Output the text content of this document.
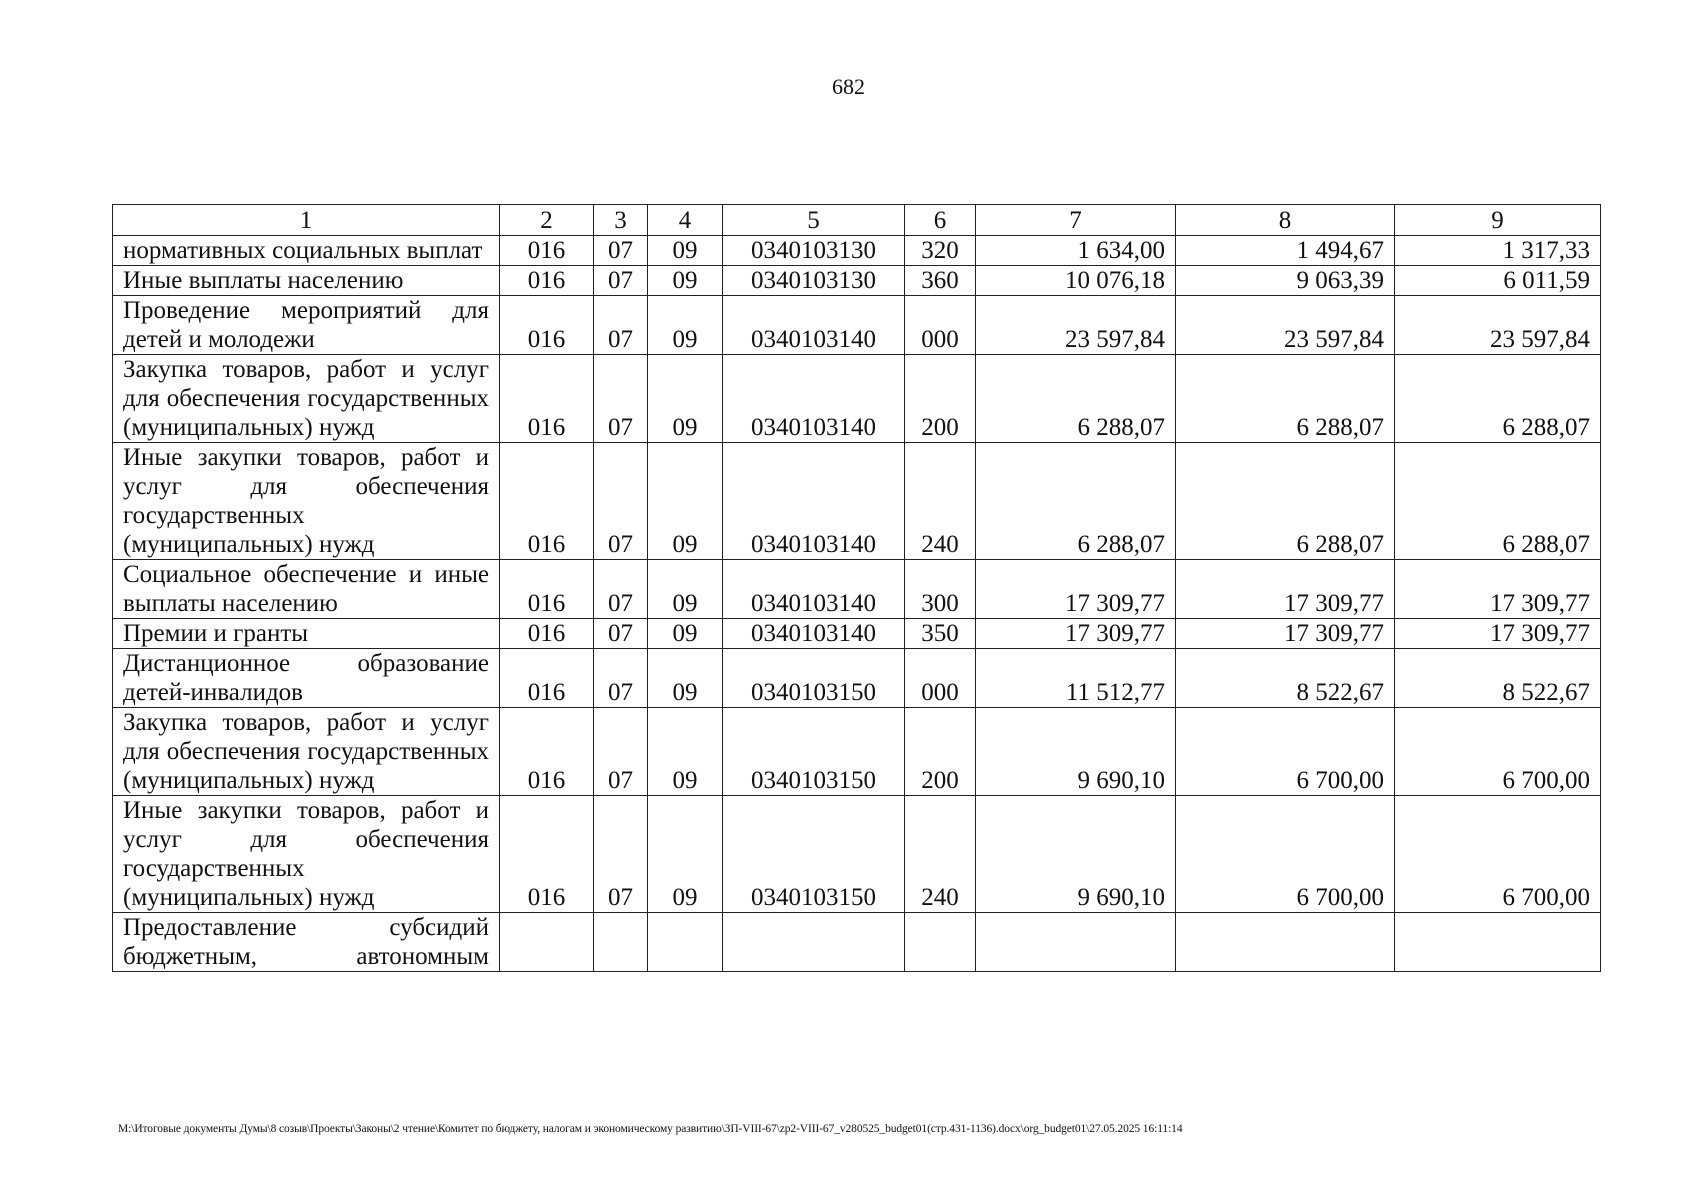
682
1	2	3	4	5	6	7	8	9
нормативных социальных выплат	016	07	09	0340103130	320	1 634,00	1 494,67	1 317,33
Иные выплаты населению	016	07	09	0340103130	360	10 076,18	9 063,39	6 011,59
Проведение мероприятий для детей и молодежи	016	07	09	0340103140	000	23 597,84	23 597,84	23 597,84
Закупка товаров, работ и услуг для обеспечения государственных (муниципальных) нужд	016	07	09	0340103140	200	6 288,07	6 288,07	6 288,07
Иные закупки товаров, работ и услуг для обеспечения государственных (муниципальных) нужд	016	07	09	0340103140	240	6 288,07	6 288,07	6 288,07
Социальное обеспечение и иные выплаты населению	016	07	09	0340103140	300	17 309,77	17 309,77	17 309,77
Премии и гранты	016	07	09	0340103140	350	17 309,77	17 309,77	17 309,77
Дистанционное образование детей-инвалидов	016	07	09	0340103150	000	11 512,77	8 522,67	8 522,67
Закупка товаров, работ и услуг для обеспечения государственных (муниципальных) нужд	016	07	09	0340103150	200	9 690,10	6 700,00	6 700,00
Иные закупки товаров, работ и услуг для обеспечения государственных (муниципальных) нужд	016	07	09	0340103150	240	9 690,10	6 700,00	6 700,00
Предоставление субсидий бюджетным, автономным								
M:\Итоговые документы Думы\8 созыв\Проекты\Законы\2 чтение\Комитет по бюджету, налогам и экономическому развитию\ЗП-VIII-67\zp2-VIII-67_v280525_budget01(стр.431-1136).docx\org_budget01\27.05.2025 16:11:14
